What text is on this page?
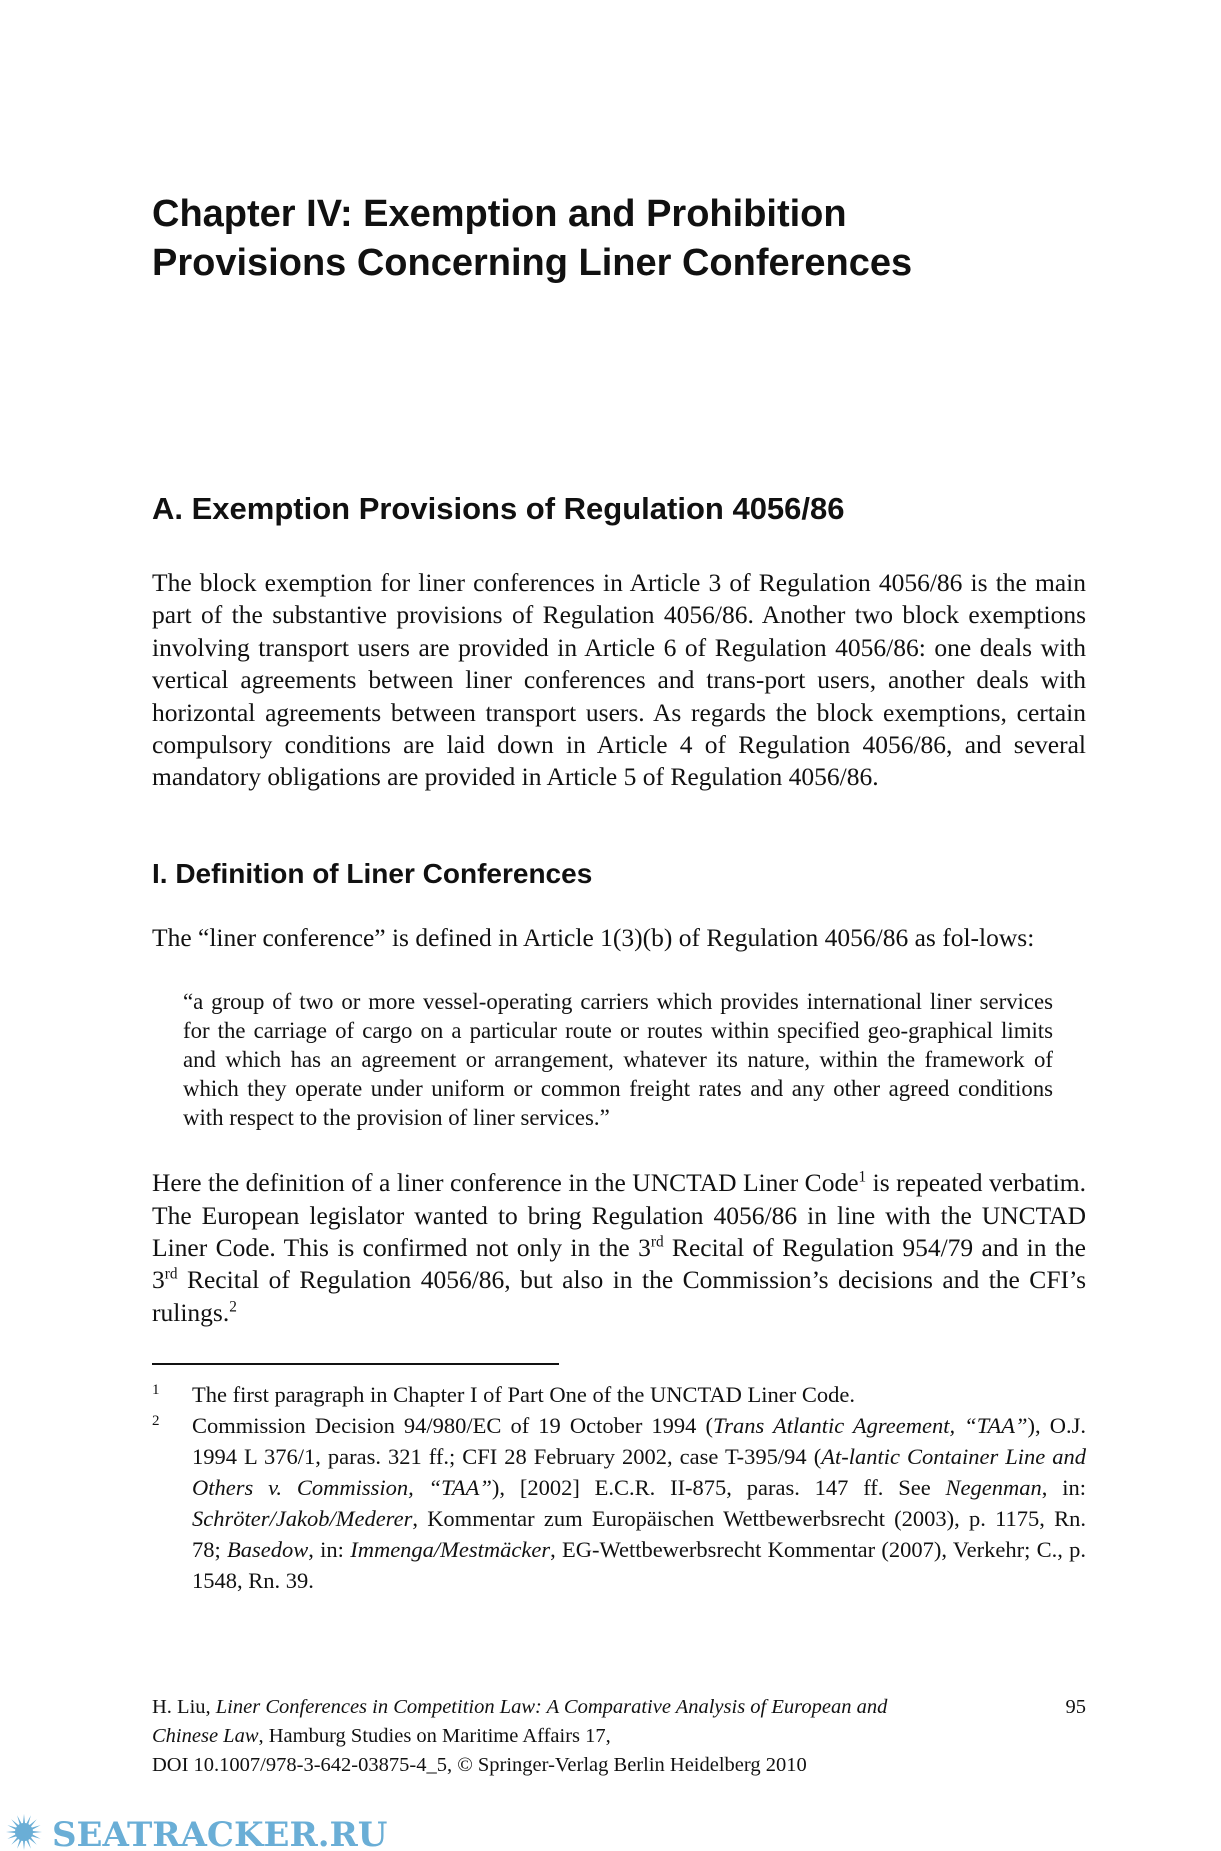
Chapter IV: Exemption and Prohibition
Provisions Concerning Liner Conferences
A. Exemption Provisions of Regulation 4056/86

The block exemption for liner conferences in Article 3 of Regulation 4056/86 is the main part of the substantive provisions of Regulation 4056/86. Another two block exemptions involving transport users are provided in Article 6 of Regulation 4056/86: one deals with vertical agreements between liner conferences and trans-port users, another deals with horizontal agreements between transport users. As regards the block exemptions, certain compulsory conditions are laid down in Article 4 of Regulation 4056/86, and several mandatory obligations are provided in Article 5 of Regulation 4056/86.

I. Definition of Liner Conferences

The “liner conference” is defined in Article 1(3)(b) of Regulation 4056/86 as fol-lows:

“a group of two or more vessel-operating carriers which provides international liner services for the carriage of cargo on a particular route or routes within specified geo-graphical limits and which has an agreement or arrangement, whatever its nature, within the framework of which they operate under uniform or common freight rates and any other agreed conditions with respect to the provision of liner services.”

Here the definition of a liner conference in the UNCTAD Liner Code$^1$ is repeated verbatim. The European legislator wanted to bring Regulation 4056/86 in line with the UNCTAD Liner Code. This is confirmed not only in the 3rd Recital of Regulation 954/79 and in the 3rd Recital of Regulation 4056/86, but also in the Commission’s decisions and the CFI’s rulings.$^2$

1 The first paragraph in Chapter I of Part One of the UNCTAD Liner Code.
2 Commission Decision 94/980/EC of 19 October 1994 (Trans Atlantic Agreement, “TAA”), O.J. 1994 L 376/1, paras. 321 ff.; CFI 28 February 2002, case T-395/94 (At-lantic Container Line and Others v. Commission, “TAA”), [2002] E.C.R. II-875, paras. 147 ff. See Negenman, in: Schröter/Jakob/Mederer, Kommentar zum Europäischen Wettbewerbsrecht (2003), p. 1175, Rn. 78; Basedow, in: Immenga/Mestmäcker, EG-Wettbewerbsrecht Kommentar (2007), Verkehr; C., p. 1548, Rn. 39.
H. Liu, Liner Conferences in Competition Law: A Comparative Analysis of European and Chinese Law, Hamburg Studies on Maritime Affairs 17,
DOI 10.1007/978-3-642-03875-4_5, © Springer-Verlag Berlin Heidelberg 2010
95
SEATRACKER.RU
